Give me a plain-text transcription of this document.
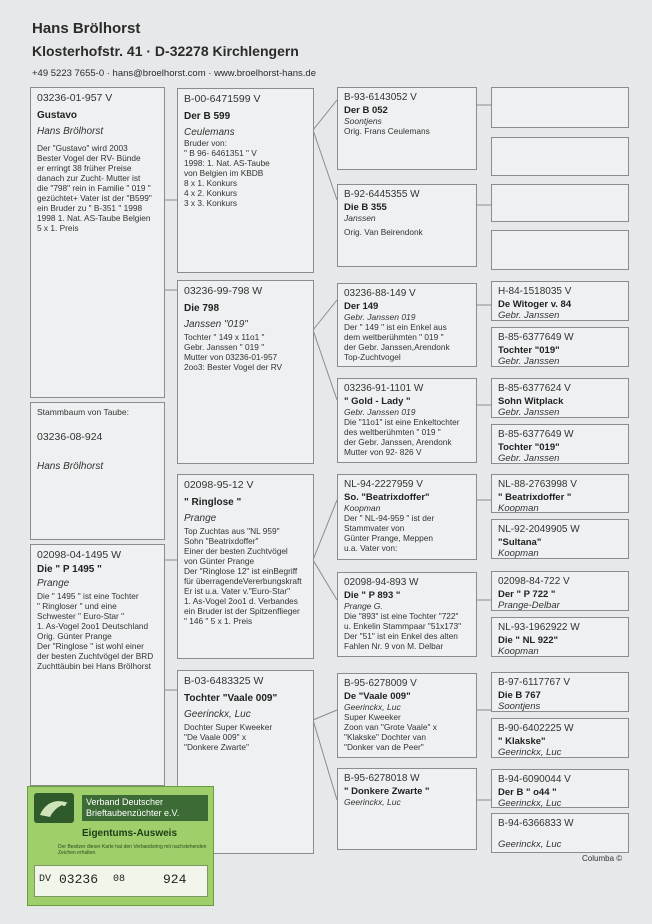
Hans Brölhorst
Klosterhofstr. 41 · D-32278 Kirchlengern
+49 5223 7655-0 · hans@broelhorst.com · www.broelhorst-hans.de
03236-01-957 V
Gustavo
Hans Brölhorst
Der "Gustavo" wird 2003
Bester Vogel der RV- Bünde
er erringt 38 früher Preise
danach zur Zucht- Mutter ist
die "798" rein in Familie " 019 "
gezüchtet+ Vater ist der "B599"
ein Bruder zu " B-351 " 1998
1998 1. Nat. AS-Taube Belgien
5 x 1. Preis
Stammbaum von Taube:
03236-08-924
Hans Brölhorst
02098-04-1495 W
Die " P 1495 "
Prange
Die " 1495 " ist eine Tochter
" Ringloser " und eine
Schwester " Euro-Star "
1. As-Vogel 2oo1 Deutschland
Orig. Günter Prange
Der "Ringlose " ist wohl einer
der besten Zuchtvögel der BRD
Zuchttäubin bei Hans Brölhorst
B-00-6471599 V
Der B 599
Ceulemans
Bruder von:
" B 96- 6461351 " V
1998: 1. Nat. AS-Taube
von Belgien im KBDB
8 x 1. Konkurs
4 x 2. Konkurs
3 x 3. Konkurs
03236-99-798 W
Die 798
Janssen "019"
Tochter " 149 x 11o1 "
Gebr. Janssen " 019 "
Mutter von 03236-01-957
2oo3: Bester Vogel der RV
02098-95-12 V
" Ringlose "
Prange
Top Zuchtas aus "NL 959"
Sohn "Beatrixdoffer"
Einer der besten Zuchtvögel
von Günter Prange
Der "Ringlose 12" ist einBegriff
für überragendeVererbungskraft
Er ist u.a. Vater v."Euro-Star"
1. As-Vogel 2oo1 d. Verbandes
ein Bruder ist der Spitzenflieger
" 146 " 5 x 1. Preis
B-03-6483325 W
Tochter "Vaale 009"
Geerinckx, Luc
Dochter Super Kweeker
"De Vaale 009" x
"Donkere Zwarte"
B-93-6143052 V
Der B 052
Soontjens
Orig. Frans Ceulemans
B-92-6445355 W
Die B 355
Janssen
Orig. Van Beirendonk
03236-88-149 V
Der 149
Gebr. Janssen 019
Der " 149 " ist ein Enkel aus
dem weltberühmten " 019 "
der Gebr. Janssen,Arendonk
Top-Zuchtvogel
03236-91-1101 W
" Gold - Lady "
Gebr. Janssen 019
Die "11o1" ist eine Enkeltochter
des weltberühmten " 019 "
der Gebr. Janssen, Arendonk
Mutter von 92- 826 V
NL-94-2227959 V
So. "Beatrixdoffer"
Koopman
Der " NL-94-959 " ist der
Stammvater von
Günter Prange, Meppen
u.a. Vater von:
02098-94-893 W
Die " P 893 "
Prange G.
Die "893" ist eine Tochter "722"
u. Enkelin Stammpaar "51x173"
Der "51" ist ein Enkel des alten
Fahlen Nr. 9 von M. Delbar
B-95-6278009 V
De "Vaale 009"
Geerinckx, Luc
Super Kweeker
Zoon van "Grote Vaale" x
"Klakske" Dochter van
"Donker van de Peer"
B-95-6278018 W
" Donkere Zwarte "
Geerinckx, Luc
H-84-1518035 V
De Witoger v. 84
Gebr. Janssen
B-85-6377649 W
Tochter "019"
Gebr. Janssen
B-85-6377624 V
Sohn Witplack
Gebr. Janssen
B-85-6377649 W
Tochter "019"
Gebr. Janssen
NL-88-2763998 V
" Beatrixdoffer "
Koopman
NL-92-2049905 W
"Sultana"
Koopman
02098-84-722 V
Der " P 722 "
Prange-Delbar
NL-93-1962922 W
Die " NL 922"
Koopman
B-97-6117767 V
Die B 767
Soontjens
B-90-6402225 W
" Klakske"
Geerinckx, Luc
B-94-6090044 V
Der B " o44 "
Geerinckx, Luc
B-94-6366833 W
Geerinckx, Luc
Verband Deutscher
Brieftaubenzüchter e.V.
Eigentums-Ausweis
Der Besitzer dieser Karte hat den Verbandsring mit nachstehenden Zeichen erhalten.
DV 03236 08	924
Columba ©
